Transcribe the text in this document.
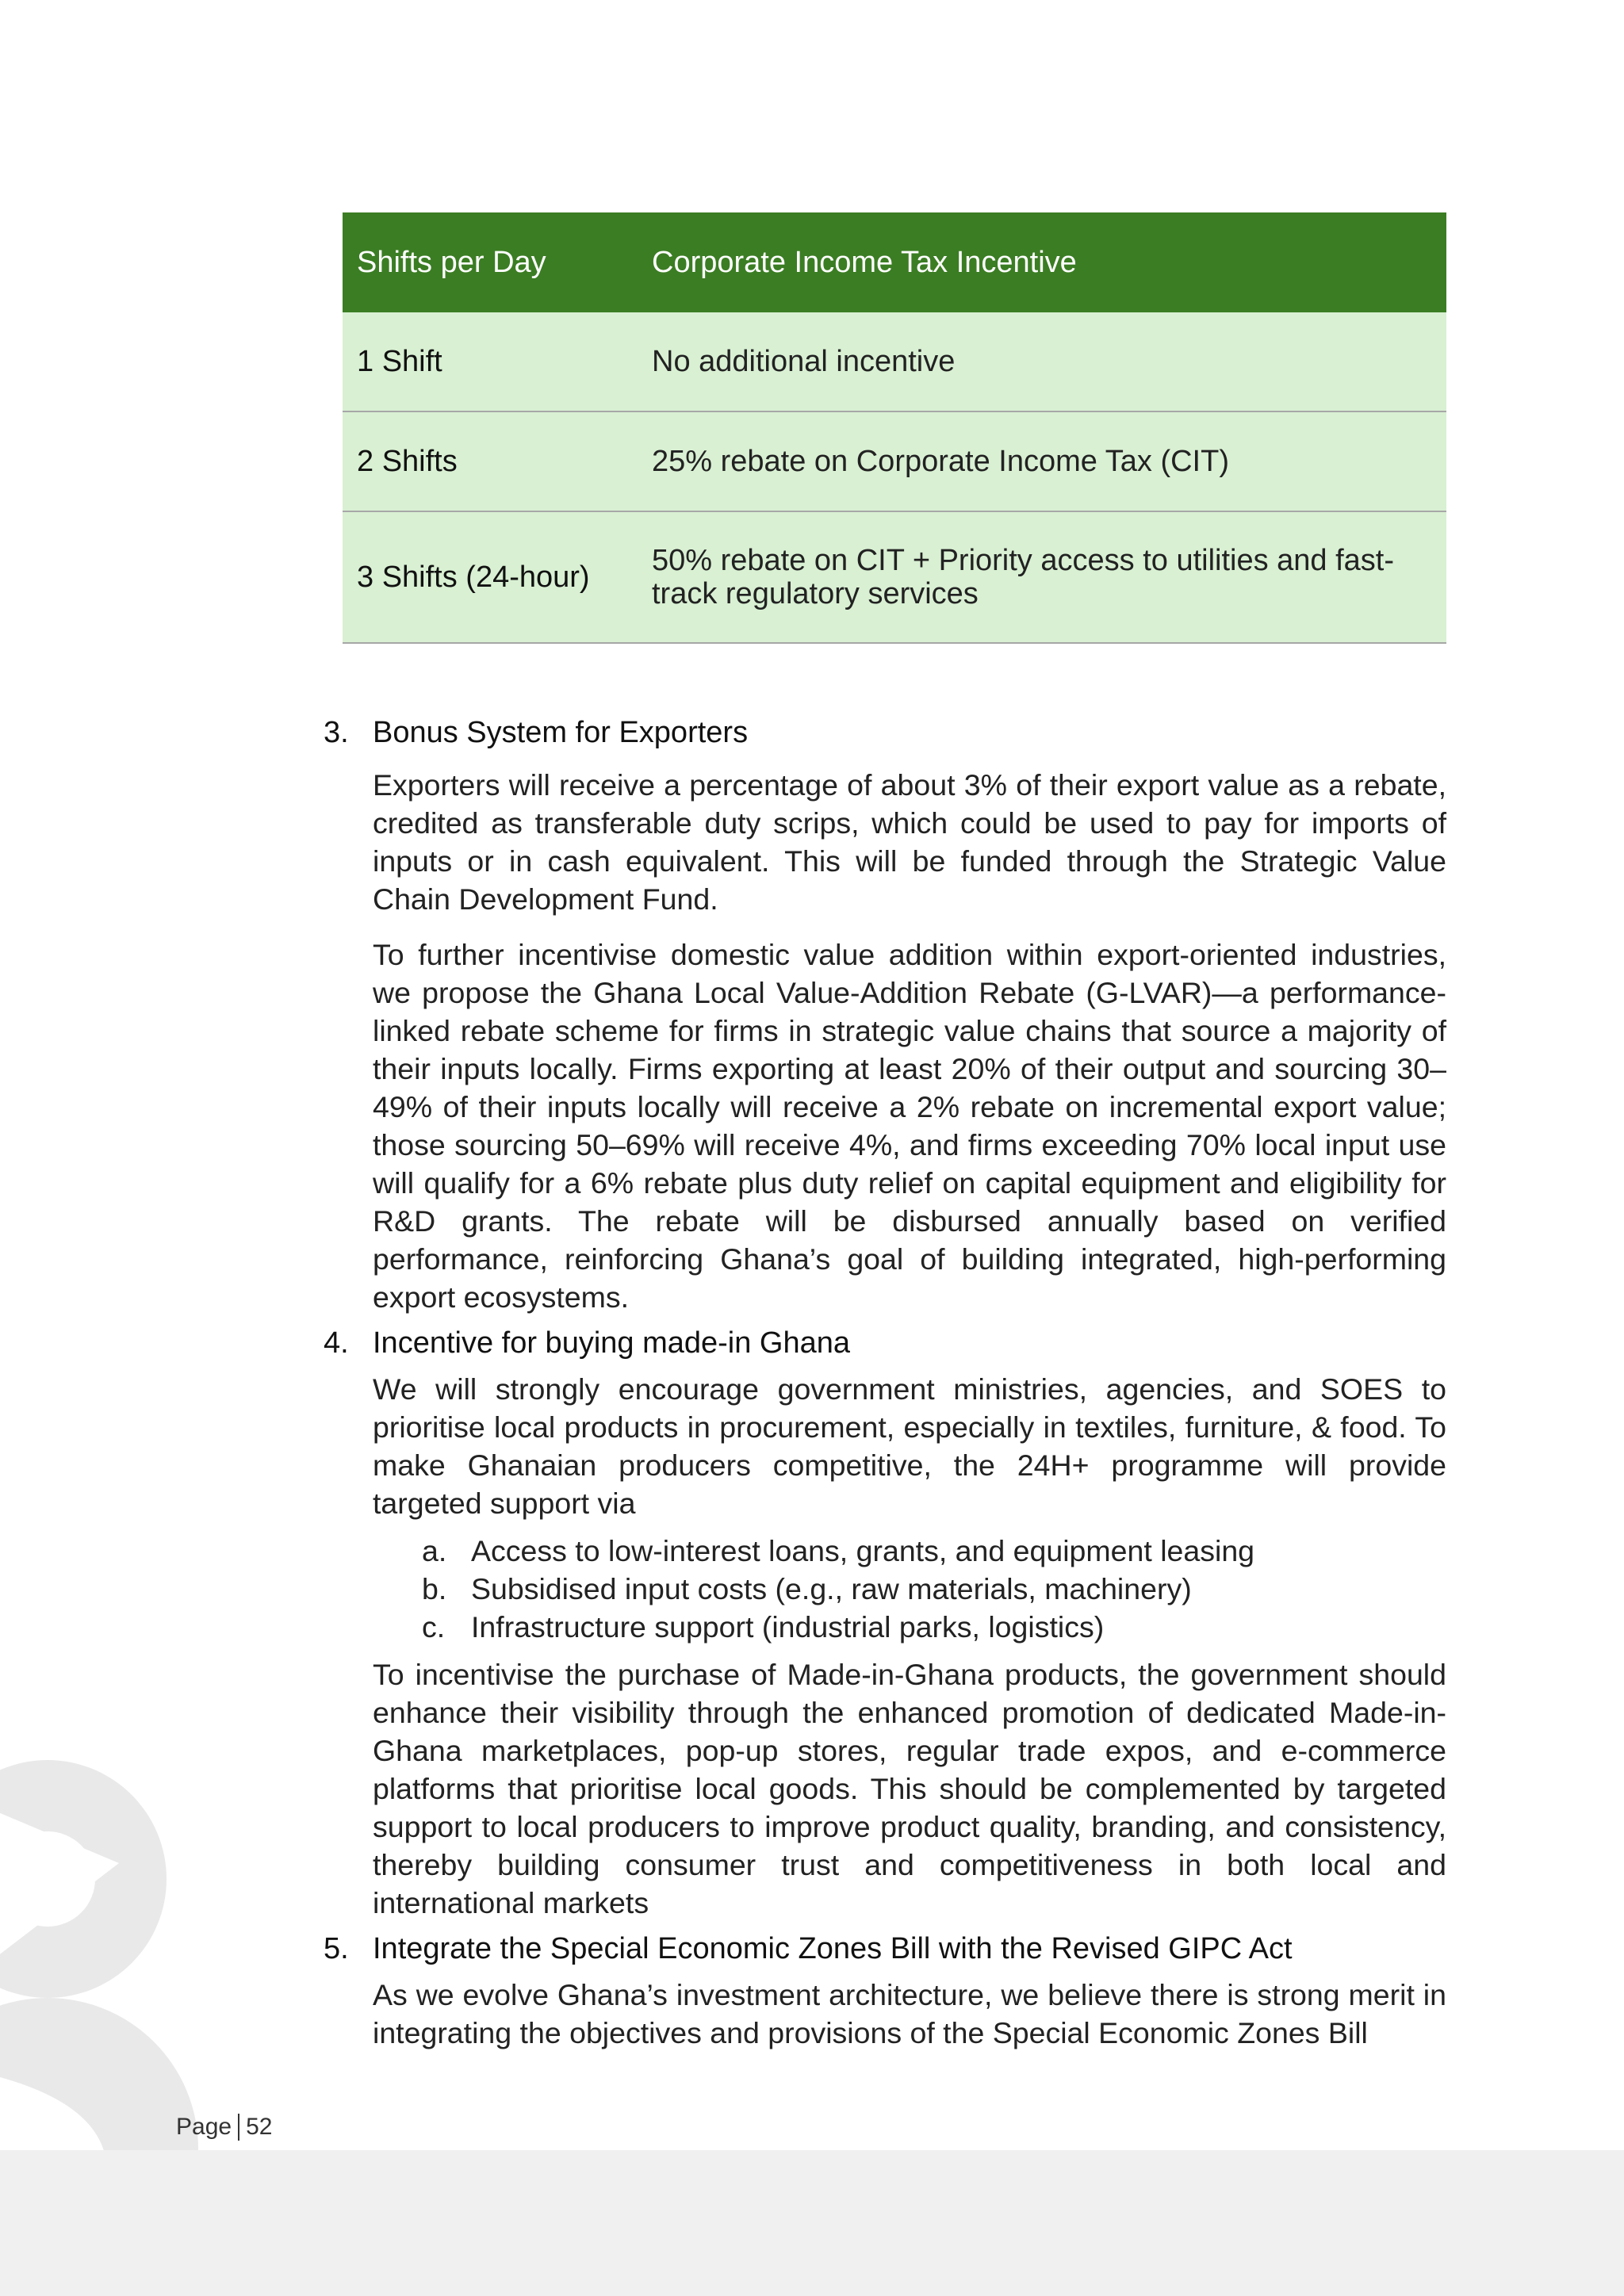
Shifts per Day	Corporate Income Tax Incentive
1 Shift	No additional incentive
2 Shifts	25% rebate on Corporate Income Tax (CIT)
3 Shifts (24-hour)	50% rebate on CIT + Priority access to utilities and fast-track regulatory services
3. Bonus System for Exporters
Exporters will receive a percentage of about 3% of their export value as a rebate, credited as transferable duty scrips, which could be used to pay for imports of inputs or in cash equivalent. This will be funded through the Strategic Value Chain Development Fund.
To further incentivise domestic value addition within export-oriented industries, we propose the Ghana Local Value-Addition Rebate (G-LVAR)—a performance-linked rebate scheme for firms in strategic value chains that source a majority of their inputs locally. Firms exporting at least 20% of their output and sourcing 30–49% of their inputs locally will receive a 2% rebate on incremental export value; those sourcing 50–69% will receive 4%, and firms exceeding 70% local input use will qualify for a 6% rebate plus duty relief on capital equipment and eligibility for R&D grants. The rebate will be disbursed annually based on verified performance, reinforcing Ghana’s goal of building integrated, high-performing export ecosystems.
4. Incentive for buying made-in Ghana
We will strongly encourage government ministries, agencies, and SOES to prioritise local products in procurement, especially in textiles, furniture, & food. To make Ghanaian producers competitive, the 24H+ programme will provide targeted support via
a. Access to low-interest loans, grants, and equipment leasing
b. Subsidised input costs (e.g., raw materials, machinery)
c. Infrastructure support (industrial parks, logistics)
To incentivise the purchase of Made-in-Ghana products, the government should enhance their visibility through the enhanced promotion of dedicated Made-in-Ghana marketplaces, pop-up stores, regular trade expos, and e-commerce platforms that prioritise local goods. This should be complemented by targeted support to local producers to improve product quality, branding, and consistency, thereby building consumer trust and competitiveness in both local and international markets
5. Integrate the Special Economic Zones Bill with the Revised GIPC Act
As we evolve Ghana’s investment architecture, we believe there is strong merit in integrating the objectives and provisions of the Special Economic Zones Bill
Page 52
